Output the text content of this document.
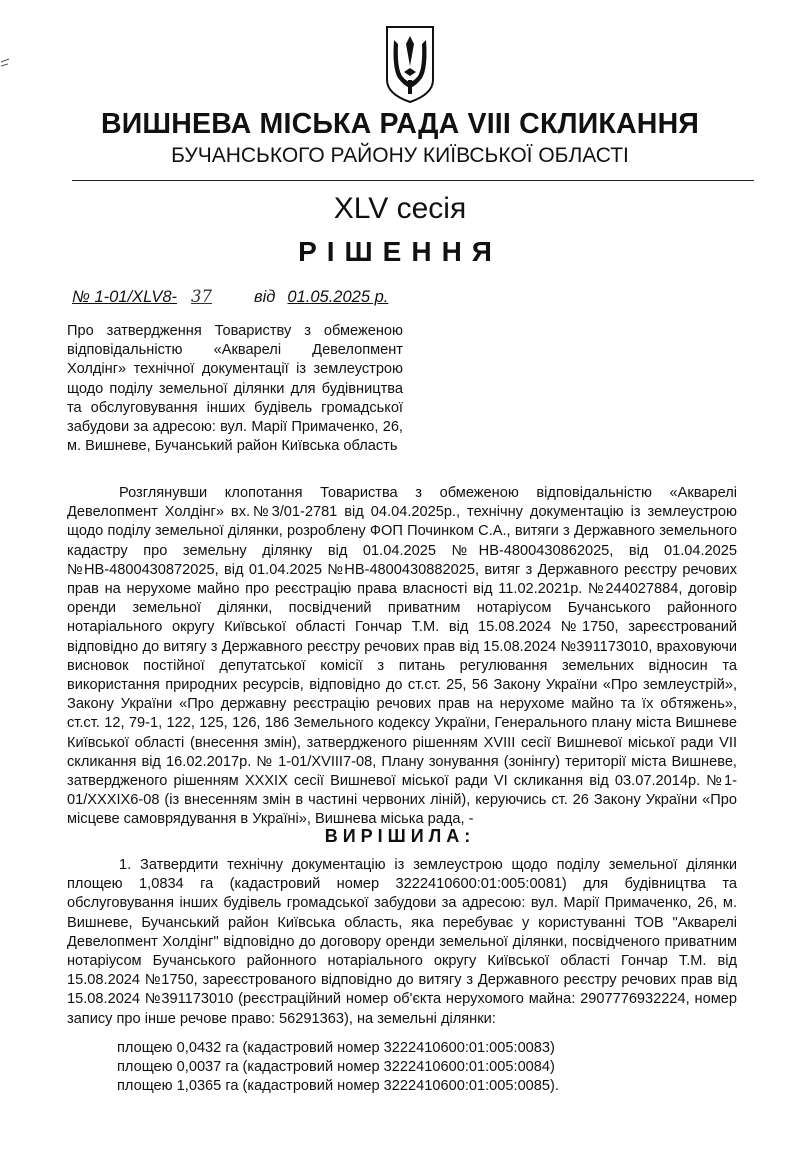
ВИШНЕВА МІСЬКА РАДА VIII СКЛИКАННЯ
БУЧАНСЬКОГО РАЙОНУ КИЇВСЬКОЇ ОБЛАСТІ
XLV сесія
РІШЕННЯ
№ 1-01/XLV8- 37	від 01.05.2025 р.
Про затвердження Товариству з обмеженою відповідальністю «Акварелі Девелопмент Холдінг» технічної документації із землеустрою щодо поділу земельної ділянки для будівництва та обслуговування інших будівель громадської забудови за адресою: вул. Марії Примаченко, 26, м. Вишневе, Бучанський район Київська область
Розглянувши клопотання Товариства з обмеженою відповідальністю «Акварелі Девелопмент Холдінг» вх.№3/01-2781 від 04.04.2025р., технічну документацію із землеустрою щодо поділу земельної ділянки, розроблену ФОП Починком С.А., витяги з Державного земельного кадастру про земельну ділянку від 01.04.2025 №НВ-4800430862025, від 01.04.2025 №НВ-4800430872025, від 01.04.2025 №НВ-4800430882025, витяг з Державного реєстру речових прав на нерухоме майно про реєстрацію права власності від 11.02.2021р. №244027884, договір оренди земельної ділянки, посвідчений приватним нотаріусом Бучанського районного нотаріального округу Київської області Гончар Т.М. від 15.08.2024 №1750, зареєстрований відповідно до витягу з Державного реєстру речових прав від 15.08.2024 №391173010, враховуючи висновок постійної депутатської комісії з питань регулювання земельних відносин та використання природних ресурсів, відповідно до ст.ст. 25, 56 Закону України «Про землеустрій», Закону України «Про державну реєстрацію речових прав на нерухоме майно та їх обтяжень», ст.ст. 12, 79-1, 122, 125, 126, 186 Земельного кодексу України, Генерального плану міста Вишневе Київської області (внесення змін), затвердженого рішенням XVIII сесії Вишневої міської ради VII скликання від 16.02.2017р. № 1-01/XVIII7-08, Плану зонування (зонінгу) території міста Вишневе, затвердженого рішенням XXXIX сесії Вишневої міської ради VI скликання від 03.07.2014р. №1-01/XXXIX6-08 (із внесенням змін в частині червоних ліній), керуючись ст. 26 Закону України «Про місцеве самоврядування в Україні», Вишнева міська рада, -
ВИРІШИЛА:
1. Затвердити технічну документацію із землеустрою щодо поділу земельної ділянки площею 1,0834 га (кадастровий номер 3222410600:01:005:0081) для будівництва та обслуговування інших будівель громадської забудови за адресою: вул. Марії Примаченко, 26, м. Вишневе, Бучанський район Київська область, яка перебуває у користуванні ТОВ "Акварелі Девелопмент Холдінг" відповідно до договору оренди земельної ділянки, посвідченого приватним нотаріусом Бучанського районного нотаріального округу Київської області Гончар Т.М. від 15.08.2024 №1750, зареєстрованого відповідно до витягу з Державного реєстру речових прав від 15.08.2024 №391173010 (реєстраційний номер об'єкта нерухомого майна: 2907776932224, номер запису про інше речове право: 56291363), на земельні ділянки:
площею 0,0432 га (кадастровий номер 3222410600:01:005:0083)
площею 0,0037 га (кадастровий номер 3222410600:01:005:0084)
площею 1,0365 га (кадастровий номер 3222410600:01:005:0085).
